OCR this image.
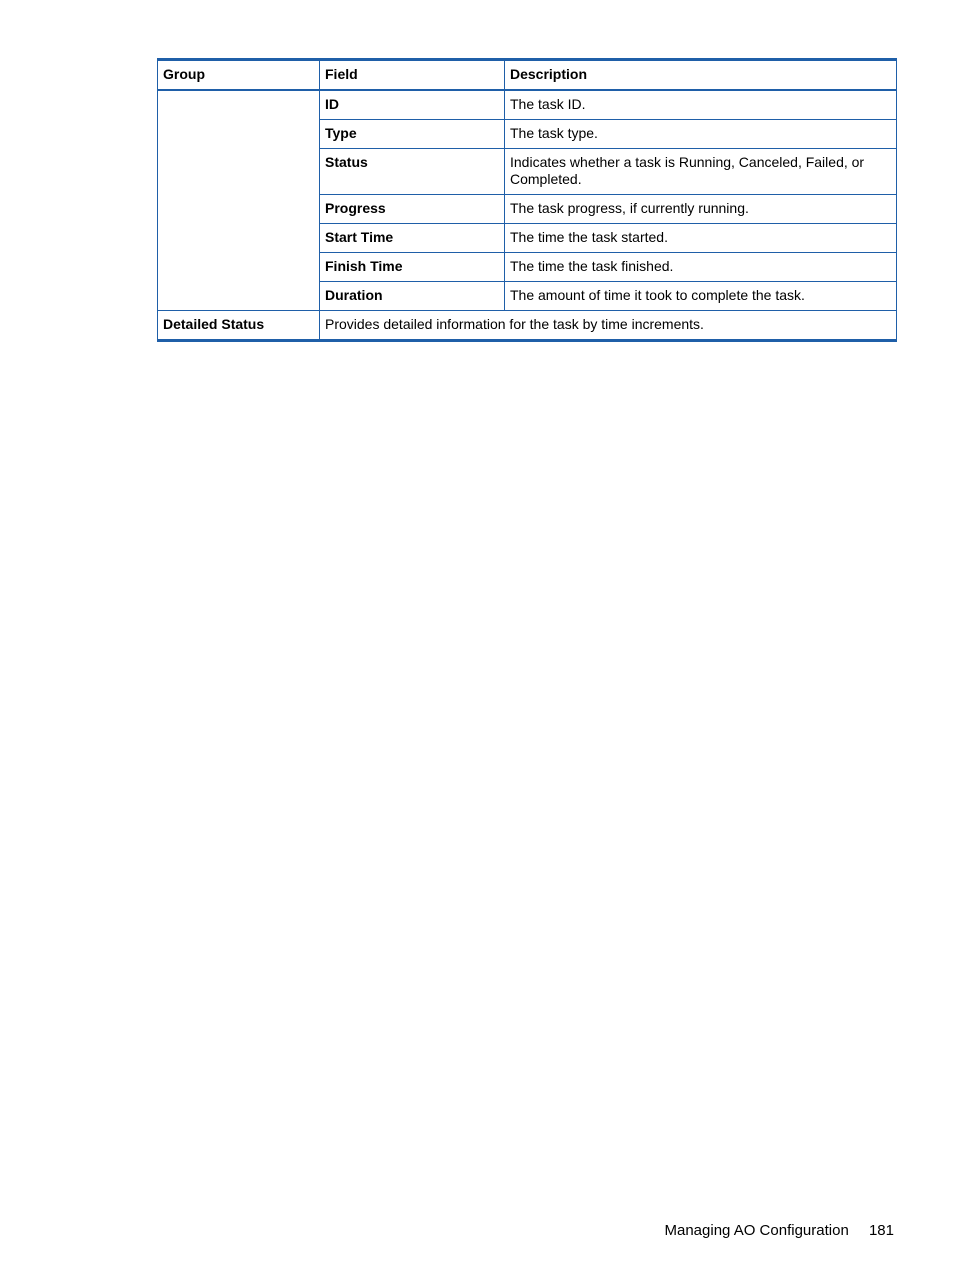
Group	Field	Description
	ID	The task ID.
	Type	The task type.
	Status	Indicates whether a task is Running, Canceled, Failed, or Completed.
	Progress	The task progress, if currently running.
	Start Time	The time the task started.
	Finish Time	The time the task finished.
	Duration	The amount of time it took to complete the task.
Detailed Status	Provides detailed information for the task by time increments.	
Managing AO Configuration 181
